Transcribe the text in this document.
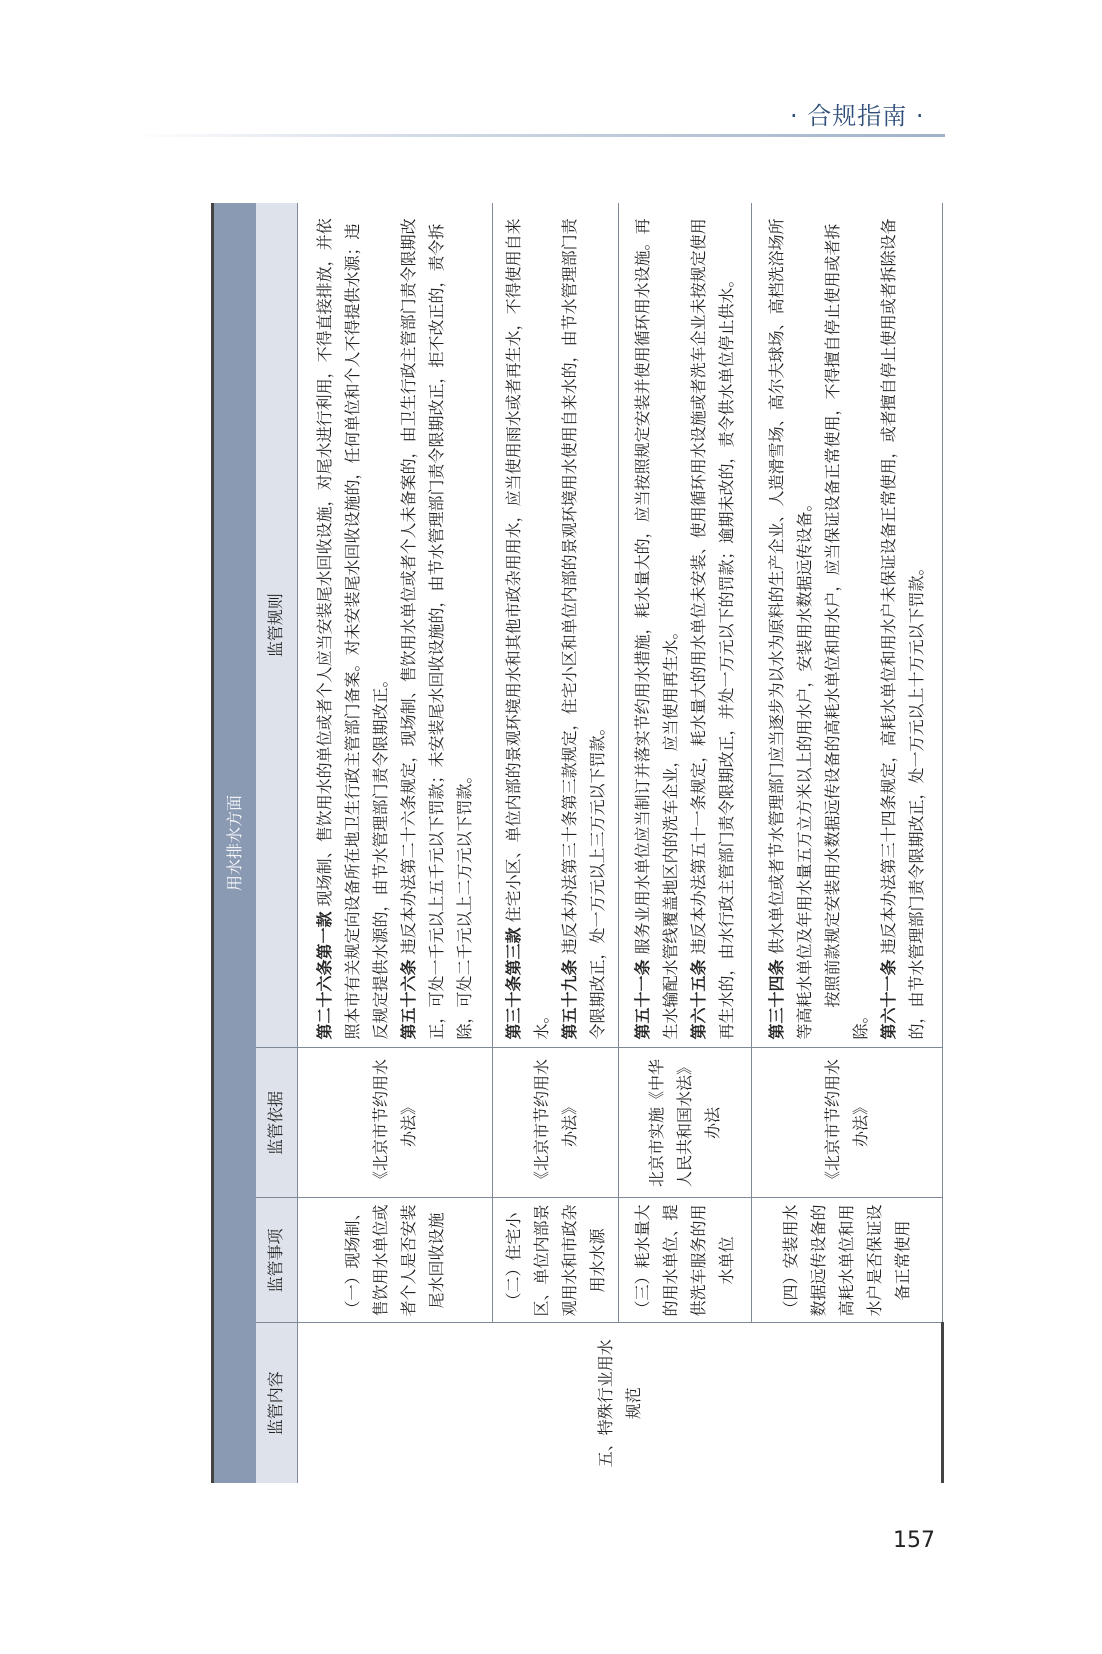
· 合规指南 ·
用水排水方面			
监管内容	监管事项	监管依据	监管规则
五、特殊行业用水规范	（一）现场制、售饮用水单位或者个人是否安装尾水回收设施	《北京市节约用水办法》	第二十六条第一款 现场制、售饮用水的单位或者个人应当安装尾水回收设施，对尾水进行利用，不得直接排放，并依照本市有关规定向设备所在地卫生行政主管部门备案。对未安装尾水回收设施的，任何单位和个人不得提供水源；违反规定提供水源的，由节水管理部门责令限期改正。 第五十六条 违反本办法第二十六条规定，现场制、售饮用水单位或者个人未备案的，由卫生行政主管部门责令限期改正，可处一千元以上五千元以下罚款；未安装尾水回收设施的，由节水管理部门责令限期改正，拒不改正的，责令拆除，可处二千元以上二万元以下罚款。

	（二）住宅小区、单位内部景观用水和市政杂用水水源	《北京市节约用水办法》	第三十条第三款 住宅小区、单位内部的景观环境用水和其他市政杂用用水，应当使用雨水或者再生水，不得使用自来水。 第五十九条 违反本办法第三十条第三款规定，住宅小区和单位内部的景观环境用水使用自来水的，由节水管理部门责令限期改正，处一万元以上三万元以下罚款。

	（三）耗水量大的用水单位、提供洗车服务的用水单位	北京市实施《中华人民共和国水法》办法	第五十一条 服务业用水单位应当制订并落实节约用水措施，耗水量大的，应当按照规定安装并使用循环用水设施。再生水输配水管线覆盖地区内的洗车企业，应当使用再生水。 第六十五条 违反本办法第五十一条规定，耗水量大的用水单位未安装、使用循环用水设施或者洗车企业未按规定使用再生水的，由水行政主管部门责令限期改正，并处一万元以下的罚款；逾期未改的，责令供水单位停止供水。

	（四）安装用水数据远传设备的高耗水单位和用水户是否保证设备正常使用	《北京市节约用水办法》	第三十四条 供水单位或者节水管理部门应当逐步为以水为原料的生产企业、人造滑雪场、高尔夫球场、高档洗浴场所等高耗水单位及年用水量五万立方米以上的用水户，安装用水数据远传设备。 按照前款规定安装用水数据远传设备的高耗水单位和用水户，应当保证设备正常使用，不得擅自停止使用或者拆除。 第六十一条 违反本办法第三十四条规定，高耗水单位和用水户未保证设备正常使用，或者擅自停止使用或者拆除设备的，由节水管理部门责令限期改正，处一万元以上十万元以下罚款。

157
